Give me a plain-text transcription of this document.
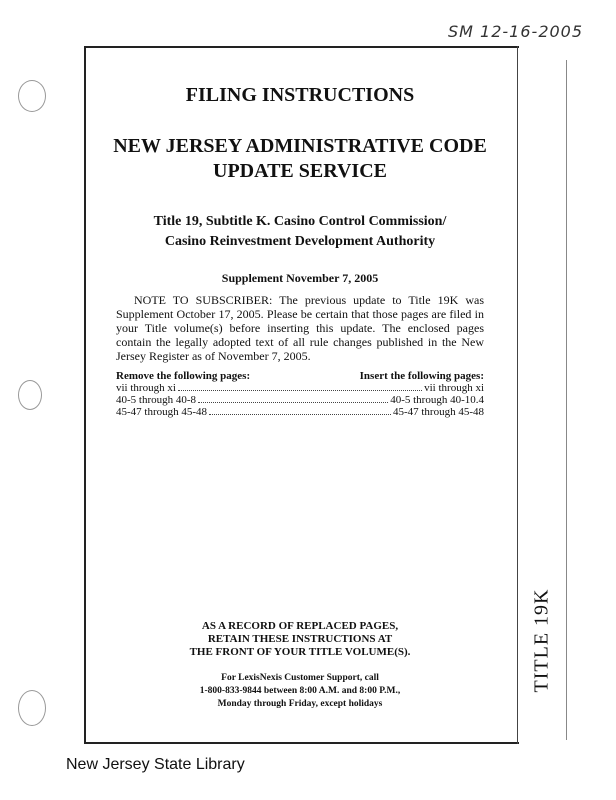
SM 12-16-2005
TITLE 19K
FILING INSTRUCTIONS
NEW JERSEY ADMINISTRATIVE CODE
UPDATE SERVICE
Title 19, Subtitle K. Casino Control Commission/
Casino Reinvestment Development Authority
Supplement November 7, 2005
NOTE TO SUBSCRIBER: The previous update to Title 19K was Supplement October 17, 2005. Please be certain that those pages are filed in your Title volume(s) before inserting this update. The enclosed pages contain the legally adopted text of all rule changes published in the New Jersey Register as of November 7, 2005.
Remove the following pages:	Insert the following pages:
vii through xi	vii through xi
40-5 through 40-8	40-5 through 40-10.4
45-47 through 45-48	45-47 through 45-48
AS A RECORD OF REPLACED PAGES,
RETAIN THESE INSTRUCTIONS AT
THE FRONT OF YOUR TITLE VOLUME(S).
For LexisNexis Customer Support, call
1-800-833-9844 between 8:00 A.M. and 8:00 P.M.,
Monday through Friday, except holidays
New Jersey State Library
